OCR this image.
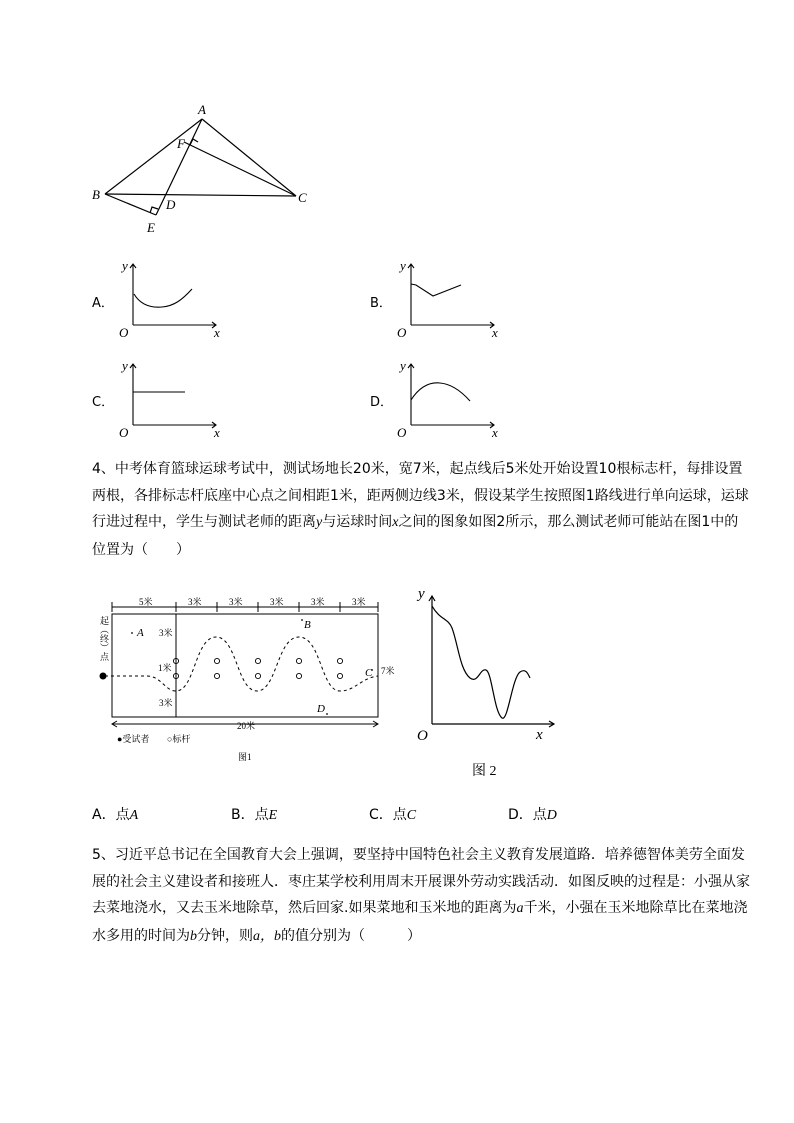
A
F
B	C
D
E
A．
y
O	x
B．
y
O	x
C．
y
O	x
D．
y
O	x

4、中考体育篮球运球考试中，测试场地长20米，宽7米，起点线后5米处开始设置10根标志杆，每排设置两根，各排标志杆底座中心点之间相距1米，距两侧边线3米，假设某学生按照图1路线进行单向运球，运球行进过程中，学生与测试老师的距离y与运球时间x之间的图象如图2所示，那么测试老师可能站在图1中的位置为（　　）

5米	3米	3米	3米	3米	3米
3米
1米
3米
7米
20米
A
B
C
D
起（终）点
●受试者 ○标杆
图1
y
O	x
图 2
A．点A	B．点E	C．点C	D．点D

5、习近平总书记在全国教育大会上强调，要坚持中国特色社会主义教育发展道路．培养德智体美劳全面发展的社会主义建设者和接班人．枣庄某学校利用周末开展课外劳动实践活动．如图反映的过程是：小强从家去菜地浇水，又去玉米地除草，然后回家.如果菜地和玉米地的距离为a千米，小强在玉米地除草比在菜地浇水多用的时间为b分钟，则a，b的值分别为（　　　）
